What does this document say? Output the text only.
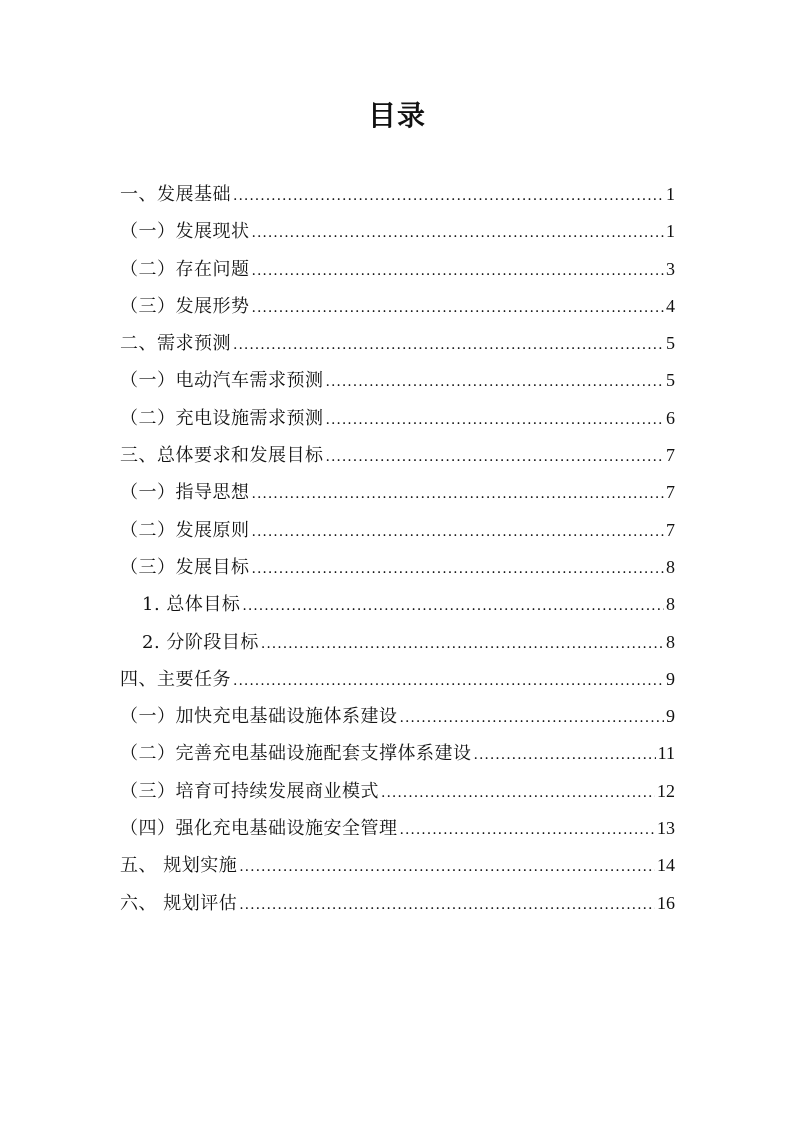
目录
一、发展基础 .....	1
（一）发展现状 .....	1
（二）存在问题 .....	3
（三）发展形势 .....	4
二、需求预测 .....	5
（一）电动汽车需求预测 .....	5
（二）充电设施需求预测 .....	6
三、总体要求和发展目标 .....	7
（一）指导思想 .....	7
（二）发展原则 .....	7
（三）发展目标 .....	8
1. 总体目标 .....	8
2. 分阶段目标 .....	8
四、主要任务 .....	9
（一）加快充电基础设施体系建设 .....	9
（二）完善充电基础设施配套支撑体系建设 .....	11
（三）培育可持续发展商业模式 .....	12
（四）强化充电基础设施安全管理 .....	13
五、 规划实施 .....	14
六、 规划评估 .....	16
